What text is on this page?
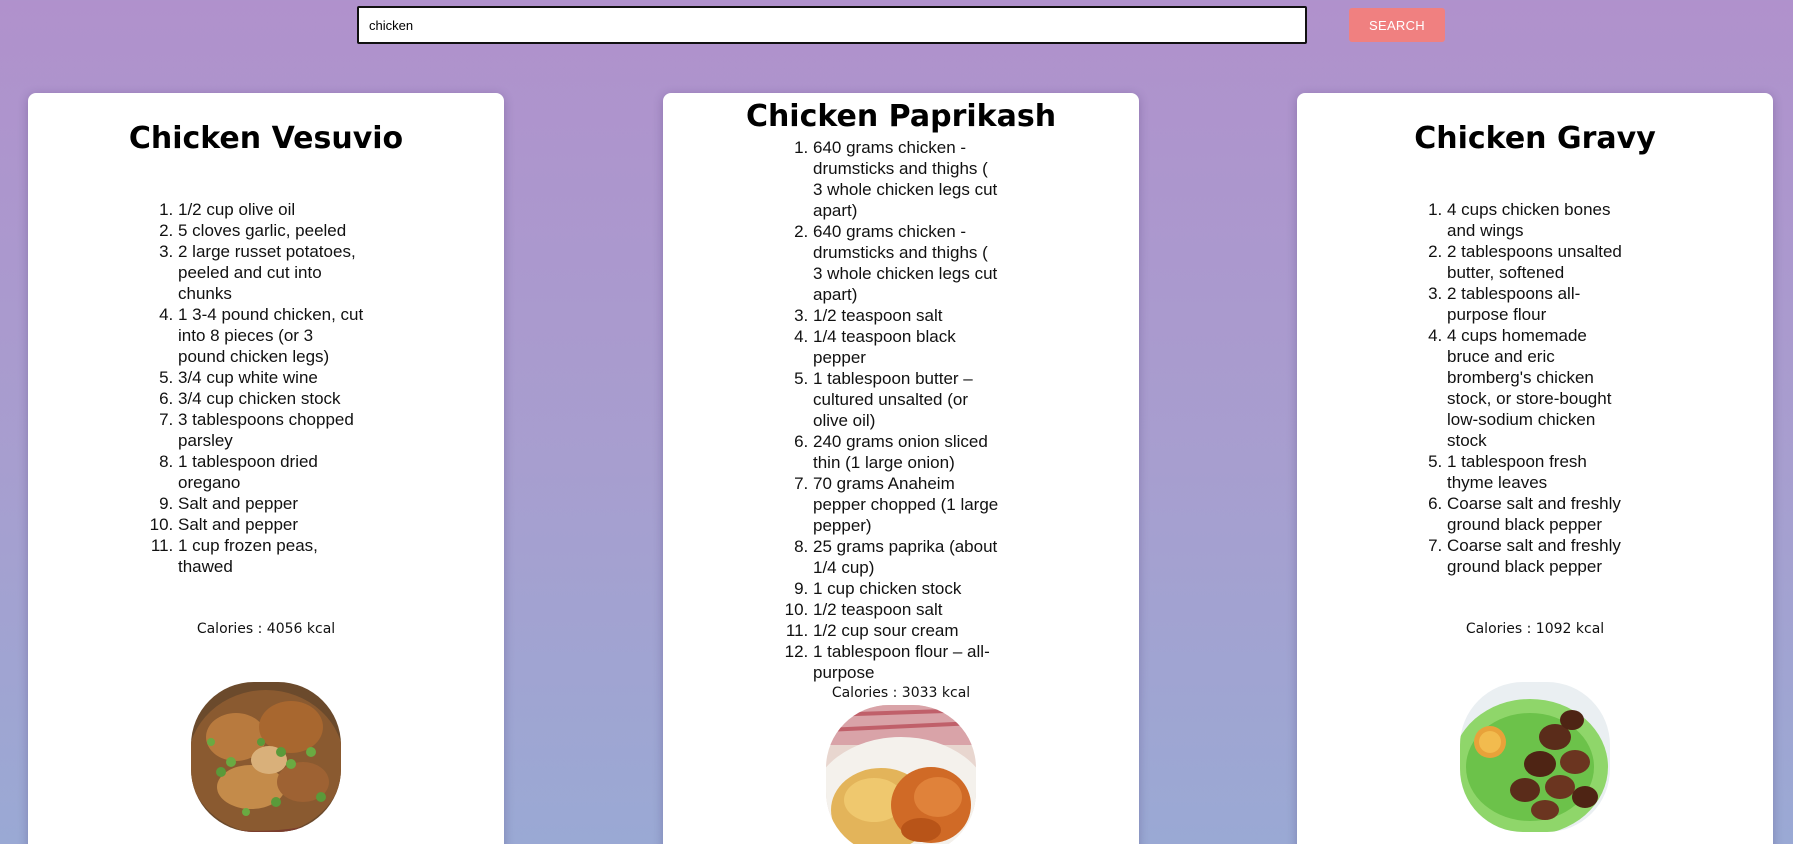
chicken
SEARCH
Chicken Vesuvio
1. 1/2 cup olive oil
2. 5 cloves garlic, peeled
3. 2 large russet potatoes, peeled and cut into chunks
4. 1 3-4 pound chicken, cut into 8 pieces (or 3 pound chicken legs)
5. 3/4 cup white wine
6. 3/4 cup chicken stock
7. 3 tablespoons chopped parsley
8. 1 tablespoon dried oregano
9. Salt and pepper
10. Salt and pepper
11. 1 cup frozen peas, thawed
Calories : 4056 kcal
Chicken Paprikash
1. 640 grams chicken - drumsticks and thighs ( 3 whole chicken legs cut apart)
2. 640 grams chicken - drumsticks and thighs ( 3 whole chicken legs cut apart)
3. 1/2 teaspoon salt
4. 1/4 teaspoon black pepper
5. 1 tablespoon butter – cultured unsalted (or olive oil)
6. 240 grams onion sliced thin (1 large onion)
7. 70 grams Anaheim pepper chopped (1 large pepper)
8. 25 grams paprika (about 1/4 cup)
9. 1 cup chicken stock
10. 1/2 teaspoon salt
11. 1/2 cup sour cream
12. 1 tablespoon flour – all-purpose
Calories : 3033 kcal
Chicken Gravy
1. 4 cups chicken bones and wings
2. 2 tablespoons unsalted butter, softened
3. 2 tablespoons all-purpose flour
4. 4 cups homemade bruce and eric bromberg's chicken stock, or store-bought low-sodium chicken stock
5. 1 tablespoon fresh thyme leaves
6. Coarse salt and freshly ground black pepper
7. Coarse salt and freshly ground black pepper
Calories : 1092 kcal
